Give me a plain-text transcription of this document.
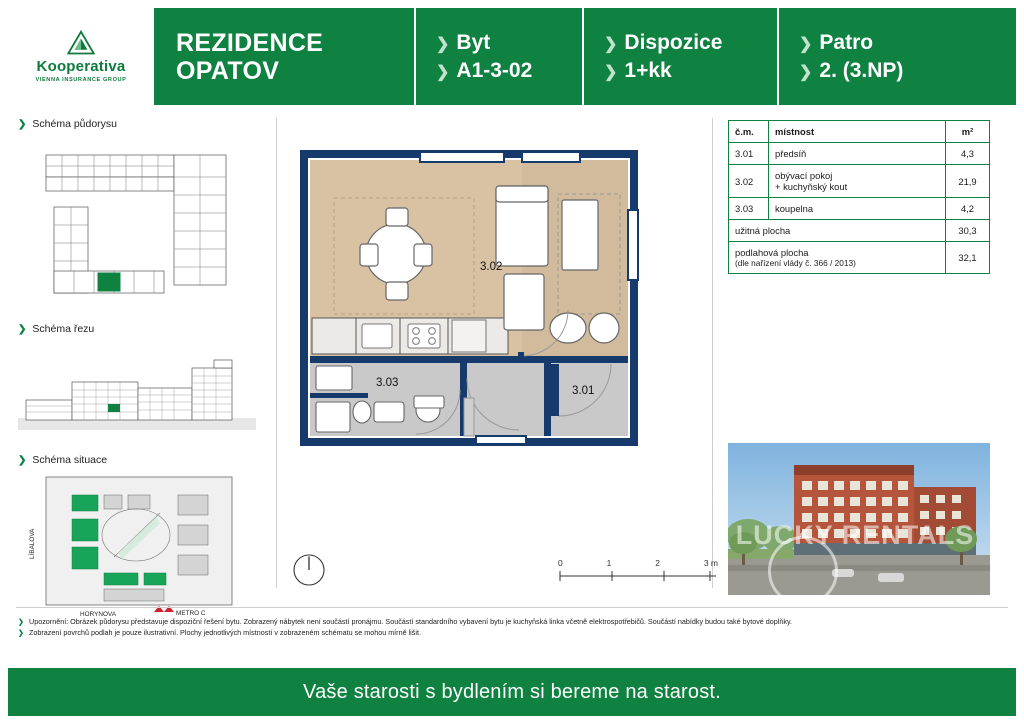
Kooperativa
VIENNA INSURANCE GROUP
REZIDENCE
OPATOV
❯ Byt
❯ A1-3-02
❯ Dispozice
❯ 1+kk
❯ Patro
❯ 2. (3.NP)
❯ Schéma půdorysu
❯ Schéma řezu
❯ Schéma situace
LÍBALOVA
HORYNOVA	METRO C
3.02
3.03
3.01
0	1	2	3 m
č.m.	místnost	m²
3.01	předsíň	4,3
3.02	obývací pokoj
+ kuchyňský kout	21,9
3.03	koupelna	4,2
užitná plocha		30,3

podlahová plocha
(dle nařízení vlády č. 366 / 2013)		32,1
LUCKY RENTALS
❯ Upozornění: Obrázek půdorysu představuje dispoziční řešení bytu. Zobrazený nábytek není součástí pronájmu. Součástí standardního vybavení bytu je kuchyňská linka včetně elektrospotřebičů. Součástí nabídky budou také bytové doplňky.
❯ Zobrazení povrchů podlah je pouze ilustrativní. Plochy jednotlivých místností v zobrazeném schématu se mohou mírně lišit.
Vaše starosti s bydlením si bereme na starost.
